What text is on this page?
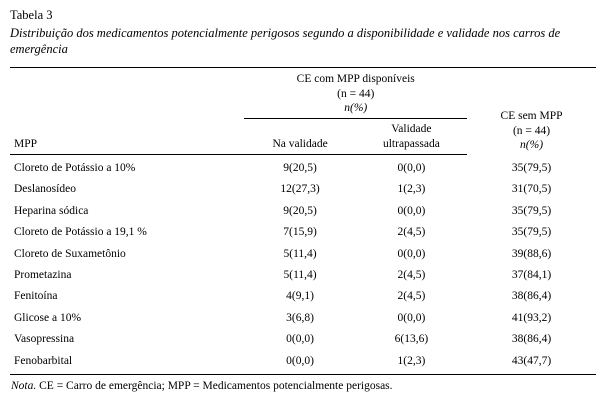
Tabela 3
Distribuição dos medicamentos potencialmente perigosos segundo a disponibilidade e validade nos carros de emergência

	CE com MPP disponíveis
(n = 44)
n(%)		CE sem MPP
(n = 44)
n(%)

MPP	Na validade	Validade
ultrapassada	
Cloreto de Potássio a 10%	9(20,5)	0(0,0)	35(79,5)
Deslanosídeo	12(27,3)	1(2,3)	31(70,5)
Heparina sódica	9(20,5)	0(0,0)	35(79,5)
Cloreto de Potássio a 19,1 %	7(15,9)	2(4,5)	35(79,5)
Cloreto de Suxametônio	5(11,4)	0(0,0)	39(88,6)
Prometazina	5(11,4)	2(4,5)	37(84,1)
Fenitoína	4(9,1)	2(4,5)	38(86,4)
Glicose a 10%	3(6,8)	0(0,0)	41(93,2)
Vasopressina	0(0,0)	6(13,6)	38(86,4)
Fenobarbital	0(0,0)	1(2,3)	43(47,7)

Nota. CE = Carro de emergência; MPP = Medicamentos potencialmente perigosas.
